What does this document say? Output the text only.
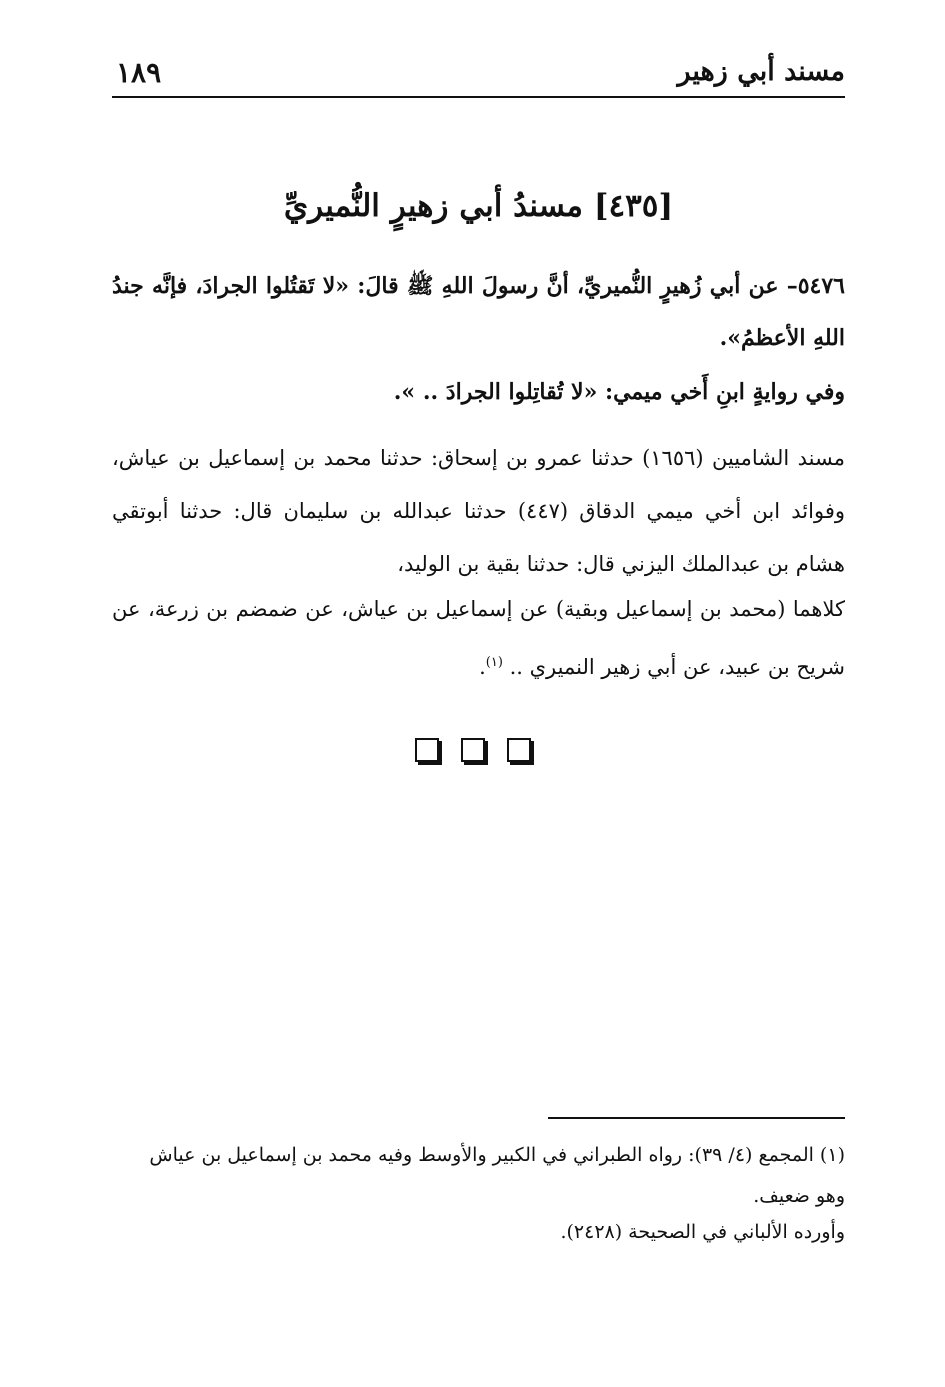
مسند أبي زهير
١٨٩
[٤٣٥] مسندُ أبي زهيرٍ النُّميريِّ

٥٤٧٦– عن أبي زُهيرٍ النُّميريِّ، أنَّ رسولَ اللهِ ﷺ قالَ: «لا تَقتُلوا الجرادَ، فإنَّه جندُ اللهِ الأعظمُ».

وفي روايةٍ ابنِ أَخي ميمي: «لا تُقاتِلوا الجرادَ .. ».

مسند الشامیین (١٦٥٦) حدثنا عمرو بن إسحاق: حدثنا محمد بن إسماعيل بن عياش، وفوائد ابن أخي ميمي الدقاق (٤٤٧) حدثنا عبدالله بن سليمان قال: حدثنا أبوتقي هشام بن عبدالملك اليزني قال: حدثنا بقية بن الوليد،

كلاهما (محمد بن إسماعيل وبقية) عن إسماعيل بن عياش، عن ضمضم بن زرعة، عن شريح بن عبيد، عن أبي زهير النميري .. $^{(١)}$.

(١) المجمع (٤/ ٣٩): رواه الطبراني في الكبير والأوسط وفيه محمد بن إسماعيل بن عياش
وهو ضعيف.
وأورده الألباني في الصحيحة (٢٤٢٨).
